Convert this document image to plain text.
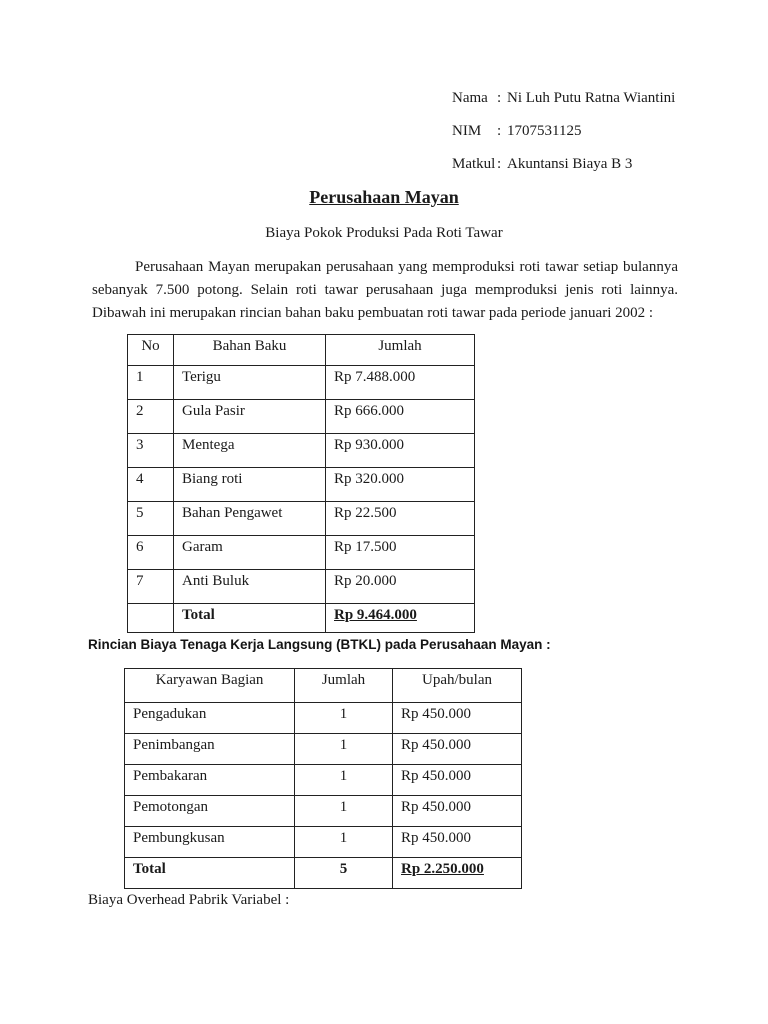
Nama : Ni Luh Putu Ratna Wiantini
NIM	: 1707531125
Matkul : Akuntansi Biaya B 3
Perusahaan Mayan
Biaya Pokok Produksi Pada Roti Tawar
Perusahaan Mayan merupakan perusahaan yang memproduksi roti tawar setiap bulannya sebanyak 7.500 potong. Selain roti tawar perusahaan juga memproduksi jenis roti lainnya. Dibawah ini merupakan rincian bahan baku pembuatan roti tawar pada periode januari 2002 :
No	Bahan Baku	Jumlah
1	Terigu	Rp 7.488.000
2	Gula Pasir	Rp 666.000
3	Mentega	Rp 930.000
4	Biang roti	Rp 320.000
5	Bahan Pengawet	Rp 22.500
6	Garam	Rp 17.500
7	Anti Buluk	Rp 20.000
	Total	Rp 9.464.000
Rincian Biaya Tenaga Kerja Langsung (BTKL) pada Perusahaan Mayan :
Karyawan Bagian	Jumlah	Upah/bulan
Pengadukan	1	Rp 450.000
Penimbangan	1	Rp 450.000
Pembakaran	1	Rp 450.000
Pemotongan	1	Rp 450.000
Pembungkusan	1	Rp 450.000
Total	5	Rp 2.250.000
Biaya Overhead Pabrik Variabel :
